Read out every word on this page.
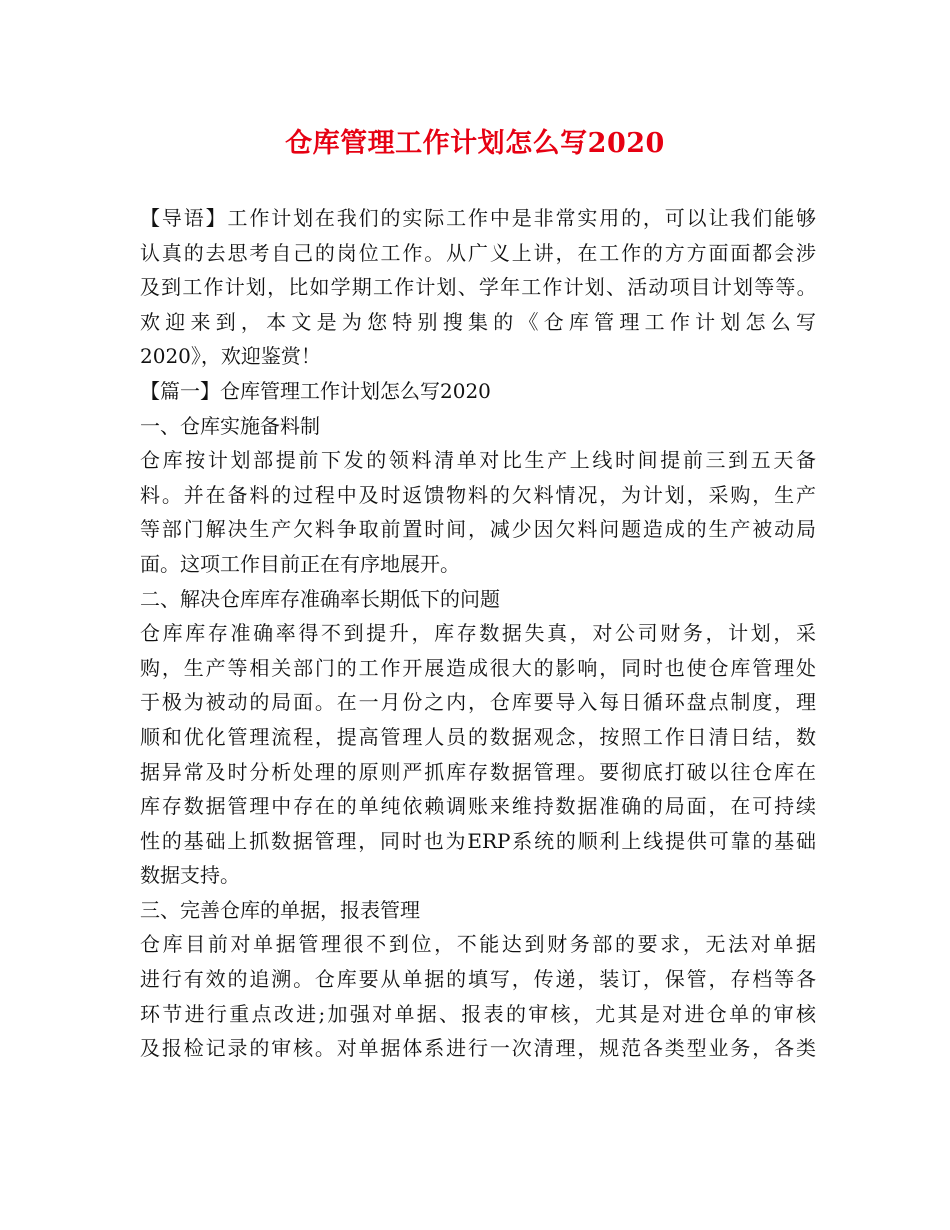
仓库管理工作计划怎么写2020
【导语】工作计划在我们的实际工作中是非常实用的，可以让我们能够
认真的去思考自己的岗位工作。从广义上讲，在工作的方方面面都会涉
及到工作计划，比如学期工作计划、学年工作计划、活动项目计划等等。
欢迎来到，本文是为您特别搜集的《仓库管理工作计划怎么写
2020》，欢迎鉴赏！
【篇一】仓库管理工作计划怎么写2020
一、仓库实施备料制
仓库按计划部提前下发的领料清单对比生产上线时间提前三到五天备
料。并在备料的过程中及时返馈物料的欠料情况，为计划，采购，生产
等部门解决生产欠料争取前置时间，减少因欠料问题造成的生产被动局
面。这项工作目前正在有序地展开。
二、解决仓库库存准确率长期低下的问题
仓库库存准确率得不到提升，库存数据失真，对公司财务，计划，采
购，生产等相关部门的工作开展造成很大的影响，同时也使仓库管理处
于极为被动的局面。在一月份之内，仓库要导入每日循环盘点制度，理
顺和优化管理流程，提高管理人员的数据观念，按照工作日清日结，数
据异常及时分析处理的原则严抓库存数据管理。要彻底打破以往仓库在
库存数据管理中存在的单纯依赖调账来维持数据准确的局面，在可持续
性的基础上抓数据管理，同时也为ERP系统的顺利上线提供可靠的基础
数据支持。
三、完善仓库的单据，报表管理
仓库目前对单据管理很不到位，不能达到财务部的要求，无法对单据
进行有效的追溯。仓库要从单据的填写，传递，装订，保管，存档等各
环节进行重点改进;加强对单据、报表的审核，尤其是对进仓单的审核
及报检记录的审核。对单据体系进行一次清理，规范各类型业务，各类
